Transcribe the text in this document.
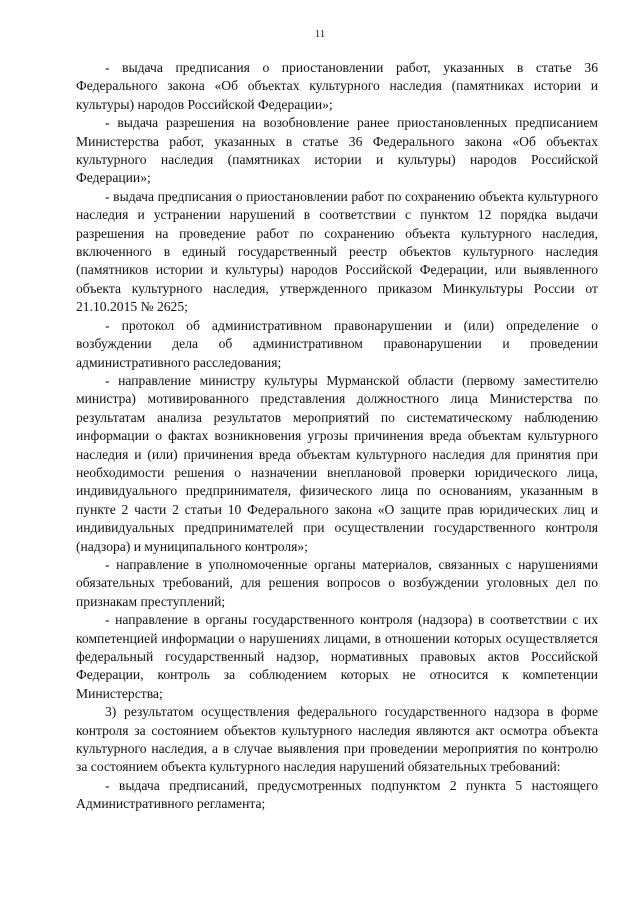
11

- выдача предписания о приостановлении работ, указанных в статье 36 Федерального закона «Об объектах культурного наследия (памятниках истории и культуры) народов Российской Федерации»;

- выдача разрешения на возобновление ранее приостановленных предписанием Министерства работ, указанных в статье 36 Федерального закона «Об объектах культурного наследия (памятниках истории и культуры) народов Российской Федерации»;

- выдача предписания о приостановлении работ по сохранению объекта культурного наследия и устранении нарушений в соответствии с пунктом 12 порядка выдачи разрешения на проведение работ по сохранению объекта культурного наследия, включенного в единый государственный реестр объектов культурного наследия (памятников истории и культуры) народов Российской Федерации, или выявленного объекта культурного наследия, утвержденного приказом Минкультуры России от 21.10.2015 № 2625;

- протокол об административном правонарушении и (или) определение о возбуждении дела об административном правонарушении и проведении административного расследования;

- направление министру культуры Мурманской области (первому заместителю министра) мотивированного представления должностного лица Министерства по результатам анализа результатов мероприятий по систематическому наблюдению информации о фактах возникновения угрозы причинения вреда объектам культурного наследия и (или) причинения вреда объектам культурного наследия для принятия при необходимости решения о назначении внеплановой проверки юридического лица, индивидуального предпринимателя, физического лица по основаниям, указанным в пункте 2 части 2 статьи 10 Федерального закона «О защите прав юридических лиц и индивидуальных предпринимателей при осуществлении государственного контроля (надзора) и муниципального контроля»;

- направление в уполномоченные органы материалов, связанных с нарушениями обязательных требований, для решения вопросов о возбуждении уголовных дел по признакам преступлений;

- направление в органы государственного контроля (надзора) в соответствии с их компетенцией информации о нарушениях лицами, в отношении которых осуществляется федеральный государственный надзор, нормативных правовых актов Российской Федерации, контроль за соблюдением которых не относится к компетенции Министерства;

3) результатом осуществления федерального государственного надзора в форме контроля за состоянием объектов культурного наследия являются акт осмотра объекта культурного наследия, а в случае выявления при проведении мероприятия по контролю за состоянием объекта культурного наследия нарушений обязательных требований:

- выдача предписаний, предусмотренных подпунктом 2 пункта 5 настоящего Административного регламента;
